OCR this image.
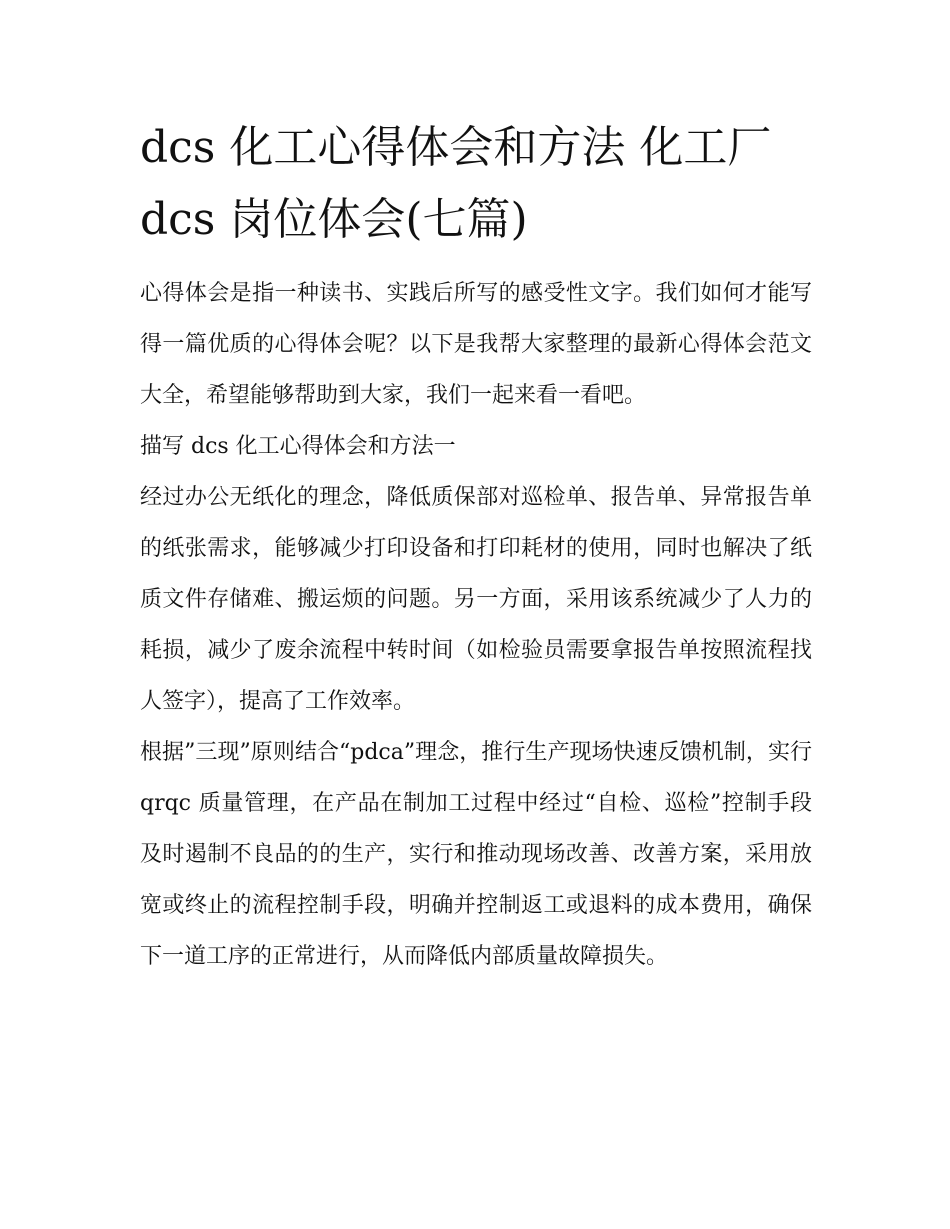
dcs 化工心得体会和方法 化工厂 dcs 岗位体会(七篇)

心得体会是指一种读书、实践后所写的感受性文字。我们如何才能写得一篇优质的心得体会呢？以下是我帮大家整理的最新心得体会范文大全，希望能够帮助到大家，我们一起来看一看吧。

描写 dcs 化工心得体会和方法一

经过办公无纸化的理念，降低质保部对巡检单、报告单、异常报告单的纸张需求，能够减少打印设备和打印耗材的使用，同时也解决了纸质文件存储难、搬运烦的问题。另一方面，采用该系统减少了人力的耗损，减少了废余流程中转时间（如检验员需要拿报告单按照流程找人签字），提高了工作效率。

根据”三现”原则结合“pdca”理念，推行生产现场快速反馈机制，实行 qrqc 质量管理，在产品在制加工过程中经过“自检、巡检”控制手段及时遏制不良品的的生产，实行和推动现场改善、改善方案，采用放宽或终止的流程控制手段，明确并控制返工或退料的成本费用，确保下一道工序的正常进行，从而降低内部质量故障损失。
